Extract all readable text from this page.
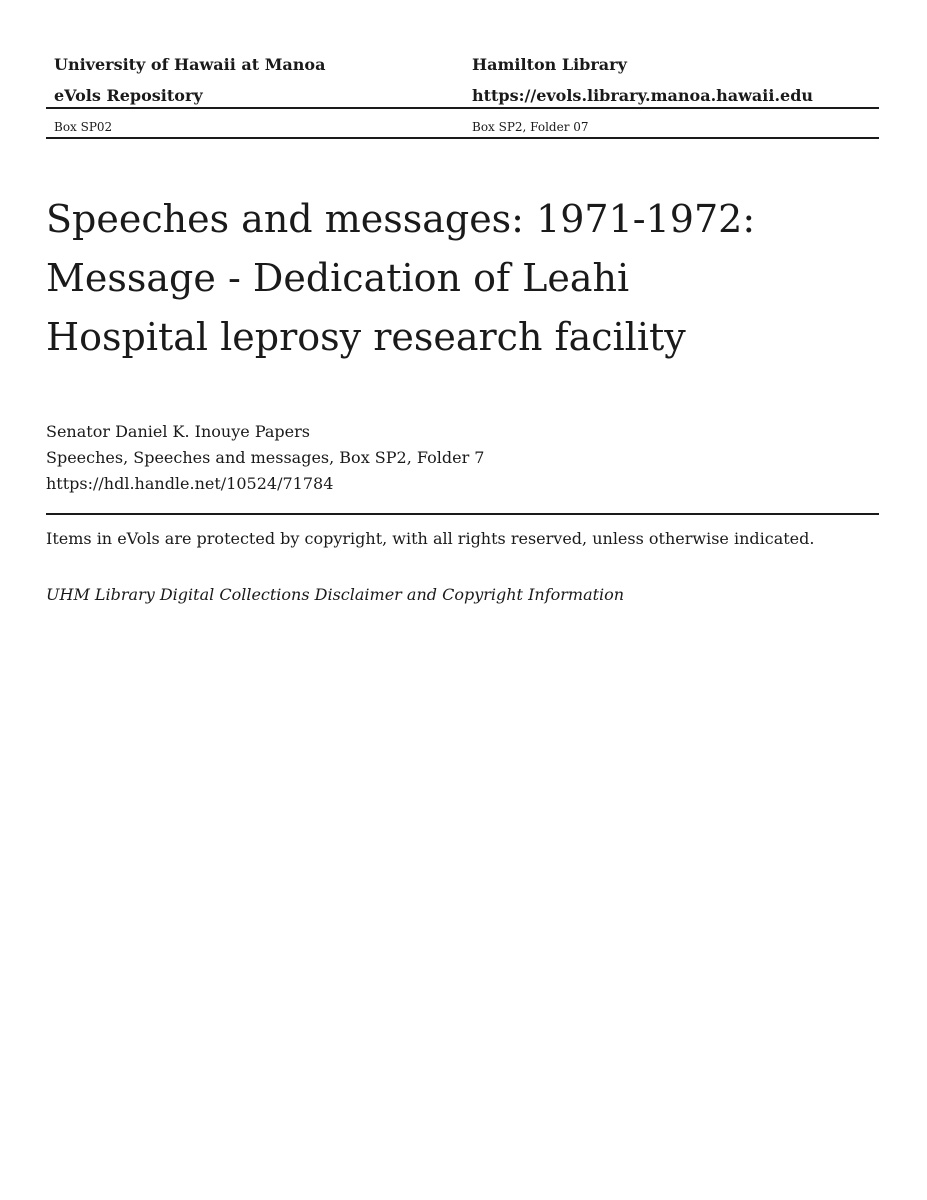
University of Hawaii at Manoa	Hamilton Library
eVols Repository	https://evols.library.manoa.hawaii.edu
Box SP02	Box SP2, Folder 07
Speeches and messages: 1971-1972:
Message - Dedication of Leahi
Hospital leprosy research facility
Senator Daniel K. Inouye Papers
Speeches, Speeches and messages, Box SP2, Folder 7
https://hdl.handle.net/10524/71784
Items in eVols are protected by copyright, with all rights reserved, unless otherwise indicated.
UHM Library Digital Collections Disclaimer and Copyright Information
